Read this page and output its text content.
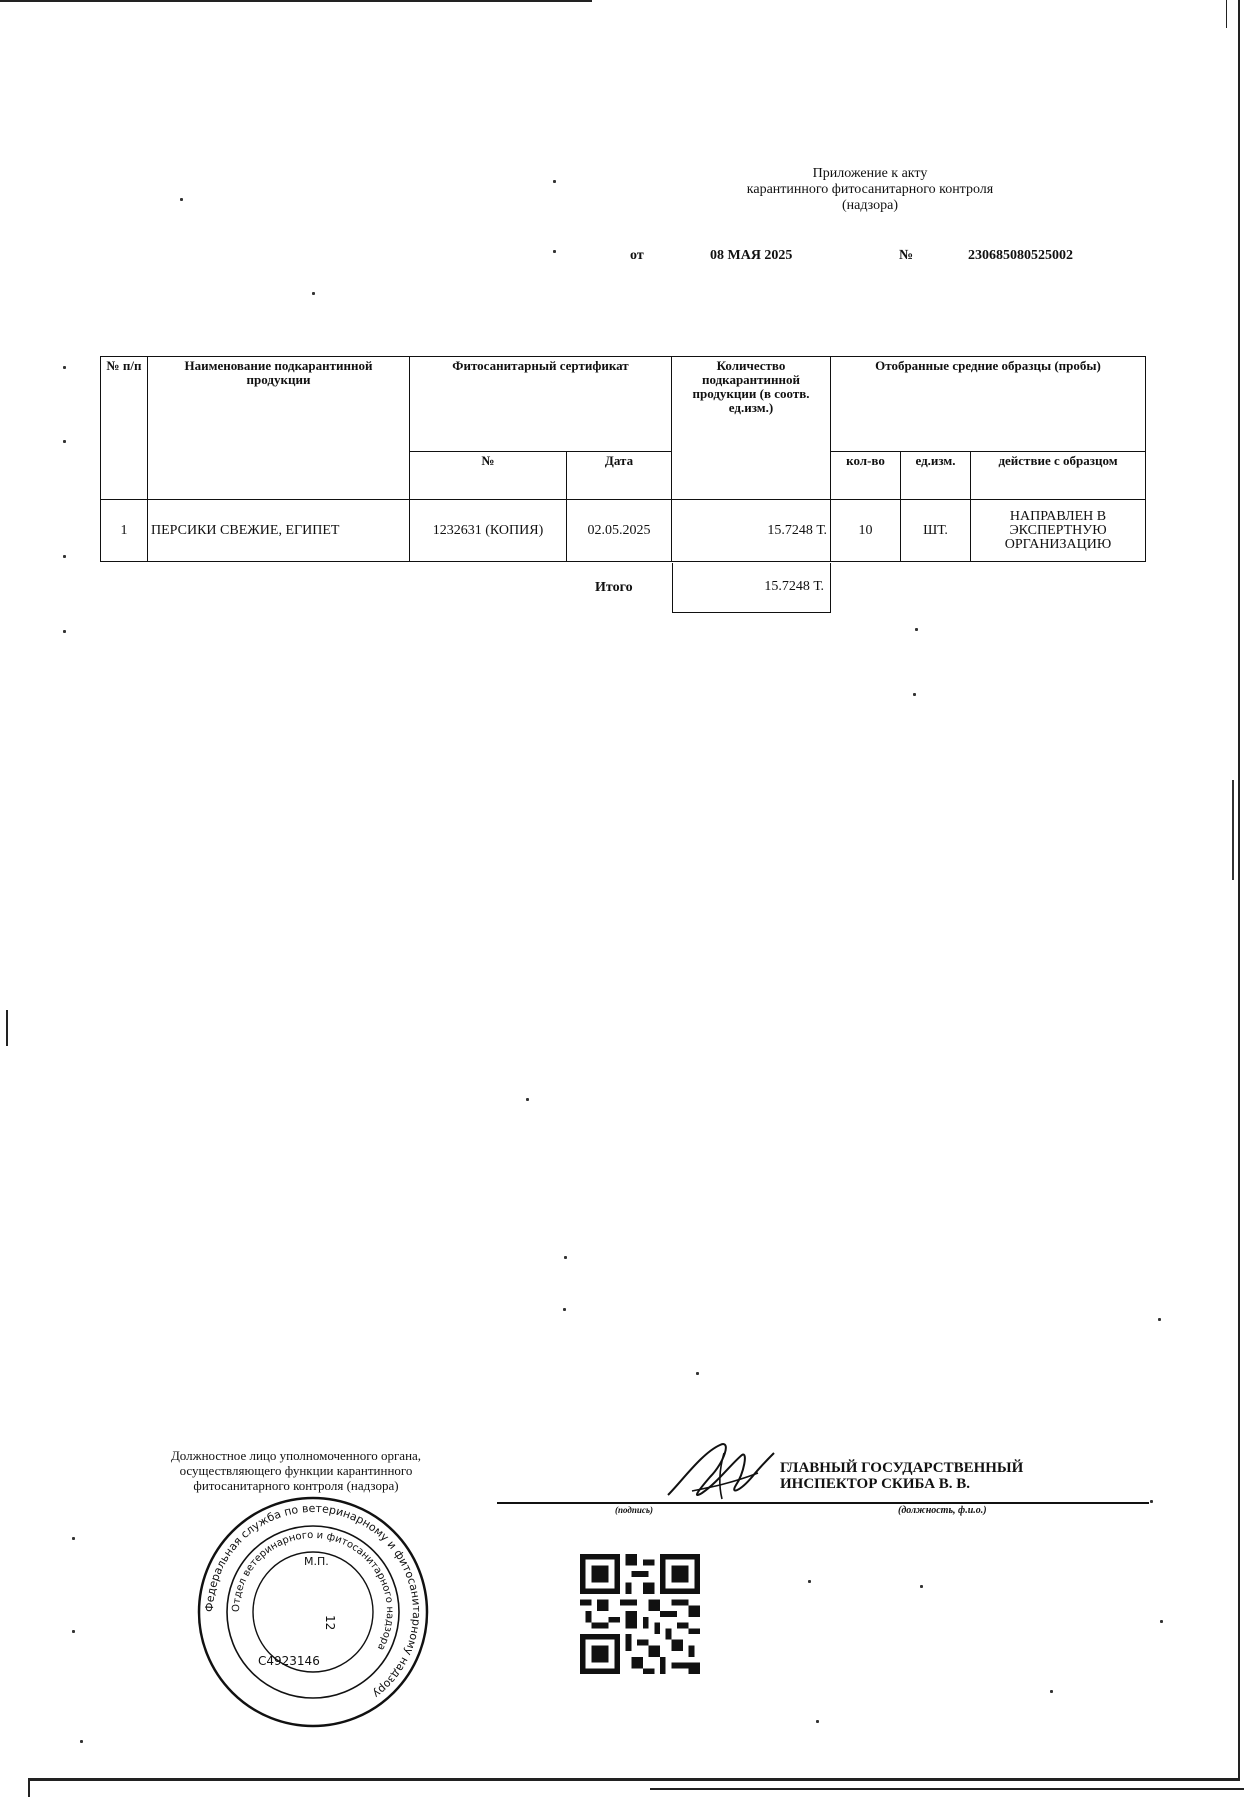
Приложение к акту
карантинного фитосанитарного контроля
(надзора)
от	08 МАЯ 2025	№	230685080525002
№ п/п	Наименование подкарантинной продукции	Фитосанитарный сертификат		Количество подкарантинной продукции (в соотв. ед.изм.)	Отобранные средние образцы (пробы)		
		№	Дата		кол-во	ед.изм.	действие с образцом
1	ПЕРСИКИ СВЕЖИЕ, ЕГИПЕТ	1232631 (КОПИЯ)	02.05.2025	15.7248 Т.	10	ШТ.	НАПРАВЛЕН В ЭКСПЕРТНУЮ ОРГАНИЗАЦИЮ
Итого	15.7248 Т.
Должностное лицо уполномоченного органа,
осуществляющего функции карантинного
фитосанитарного контроля (надзора)
ГЛАВНЫЙ ГОСУДАРСТВЕННЫЙ
ИНСПЕКТОР СКИБА В. В.
(подпись)	(должность, ф.и.о.)
Федеральная служба по ветеринарному и фитосанитарному надзору
Отдел ветеринарного и фитосанитарного надзора
М.П.
12
С4923146
